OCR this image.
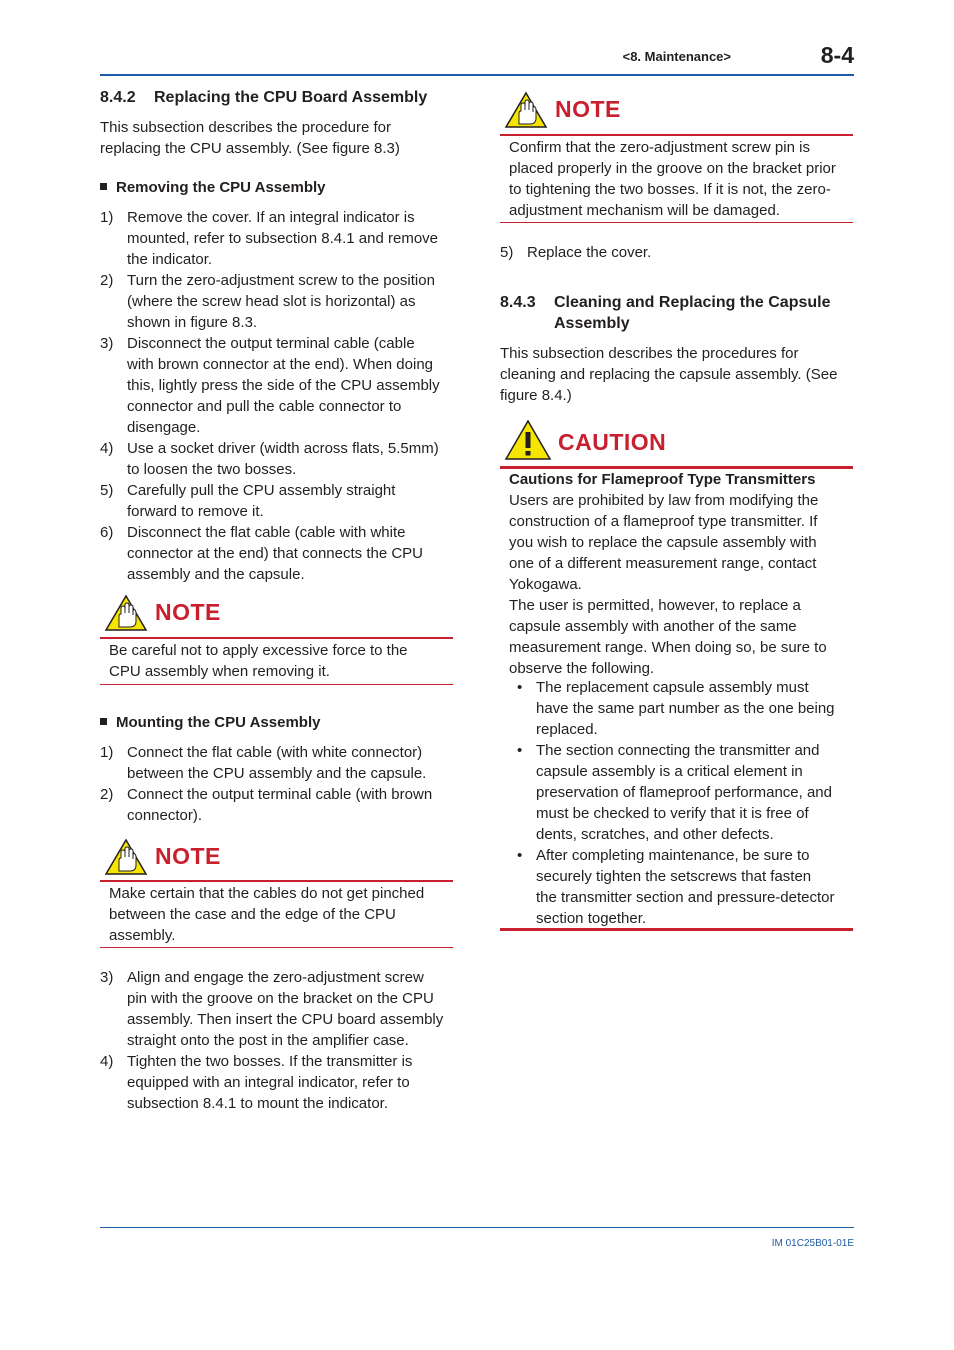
<8. Maintenance>	8-4
8.4.2 Replacing the CPU Board Assembly
This subsection describes the procedure for
replacing the CPU assembly. (See figure 8.3)
Removing the CPU Assembly
1) Remove the cover. If an integral indicator is
mounted, refer to subsection 8.4.1 and remove
the indicator.
2) Turn the zero-adjustment screw to the position
(where the screw head slot is horizontal) as
shown in figure 8.3.
3) Disconnect the output terminal cable (cable
with brown connector at the end). When doing
this, lightly press the side of the CPU assembly
connector and pull the cable connector to
disengage.
4) Use a socket driver (width across flats, 5.5mm)
to loosen the two bosses.
5) Carefully pull the CPU assembly straight
forward to remove it.
6) Disconnect the flat cable (cable with white
connector at the end) that connects the CPU
assembly and the capsule.
NOTE
Be careful not to apply excessive force to the
CPU assembly when removing it.
Mounting the CPU Assembly
1) Connect the flat cable (with white connector)
between the CPU assembly and the capsule.
2) Connect the output terminal cable (with brown
connector).
NOTE
Make certain that the cables do not get pinched
between the case and the edge of the CPU
assembly.
3) Align and engage the zero-adjustment screw
pin with the groove on the bracket on the CPU
assembly. Then insert the CPU board assembly
straight onto the post in the amplifier case.
4) Tighten the two bosses. If the transmitter is
equipped with an integral indicator, refer to
subsection 8.4.1 to mount the indicator.
NOTE
Confirm that the zero-adjustment screw pin is
placed properly in the groove on the bracket prior
to tightening the two bosses. If it is not, the zero-
adjustment mechanism will be damaged.
5) Replace the cover.
8.4.3 Cleaning and Replacing the Capsule
Assembly
This subsection describes the procedures for
cleaning and replacing the capsule assembly. (See
figure 8.4.)
CAUTION
Cautions for Flameproof Type Transmitters
Users are prohibited by law from modifying the
construction of a flameproof type transmitter. If
you wish to replace the capsule assembly with
one of a different measurement range, contact
Yokogawa.
The user is permitted, however, to replace a
capsule assembly with another of the same
measurement range. When doing so, be sure to
observe the following.
• The replacement capsule assembly must
have the same part number as the one being
replaced.
• The section connecting the transmitter and
capsule assembly is a critical element in
preservation of flameproof performance, and
must be checked to verify that it is free of
dents, scratches, and other defects.
• After completing maintenance, be sure to
securely tighten the setscrews that fasten
the transmitter section and pressure-detector
section together.
IM 01C25B01-01E
